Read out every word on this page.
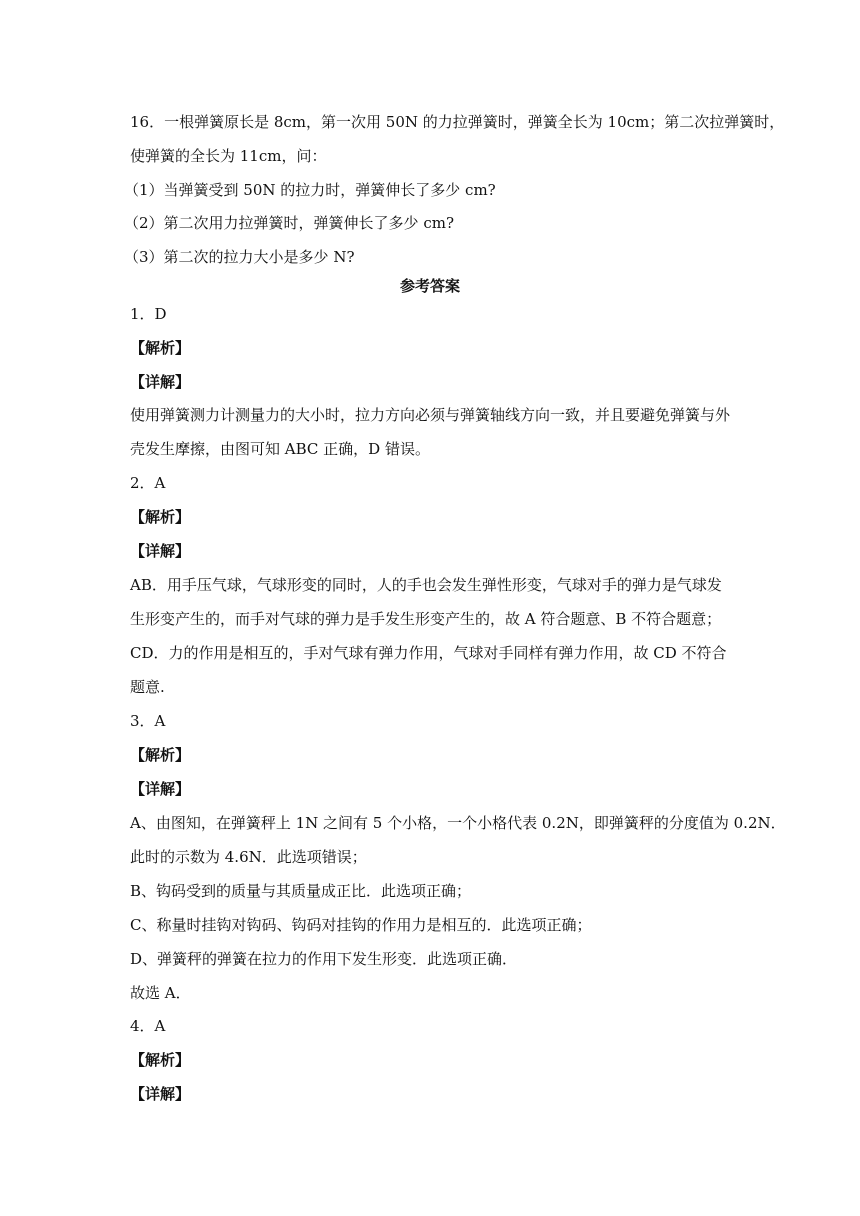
16．一根弹簧原长是 8cm，第一次用 50N 的力拉弹簧时，弹簧全长为 10cm；第二次拉弹簧时，
使弹簧的全长为 11cm，问：
（1）当弹簧受到 50N 的拉力时，弹簧伸长了多少 cm?
（2）第二次用力拉弹簧时，弹簧伸长了多少 cm?
（3）第二次的拉力大小是多少 N?
参考答案
1．D
【解析】
【详解】
使用弹簧测力计测量力的大小时，拉力方向必须与弹簧轴线方向一致，并且要避免弹簧与外
壳发生摩擦，由图可知 ABC 正确，D 错误。
2．A
【解析】
【详解】
AB．用手压气球，气球形变的同时，人的手也会发生弹性形变，气球对手的弹力是气球发
生形变产生的，而手对气球的弹力是手发生形变产生的，故 A 符合题意、B 不符合题意；
CD．力的作用是相互的，手对气球有弹力作用，气球对手同样有弹力作用，故 CD 不符合
题意.
3．A
【解析】
【详解】
A、由图知，在弹簧秤上 1N 之间有 5 个小格，一个小格代表 0.2N，即弹簧秤的分度值为 0.2N．
此时的示数为 4.6N．此选项错误；
B、钩码受到的质量与其质量成正比．此选项正确；
C、称量时挂钩对钩码、钩码对挂钩的作用力是相互的．此选项正确；
D、弹簧秤的弹簧在拉力的作用下发生形变．此选项正确．
故选 A．
4．A
【解析】
【详解】
